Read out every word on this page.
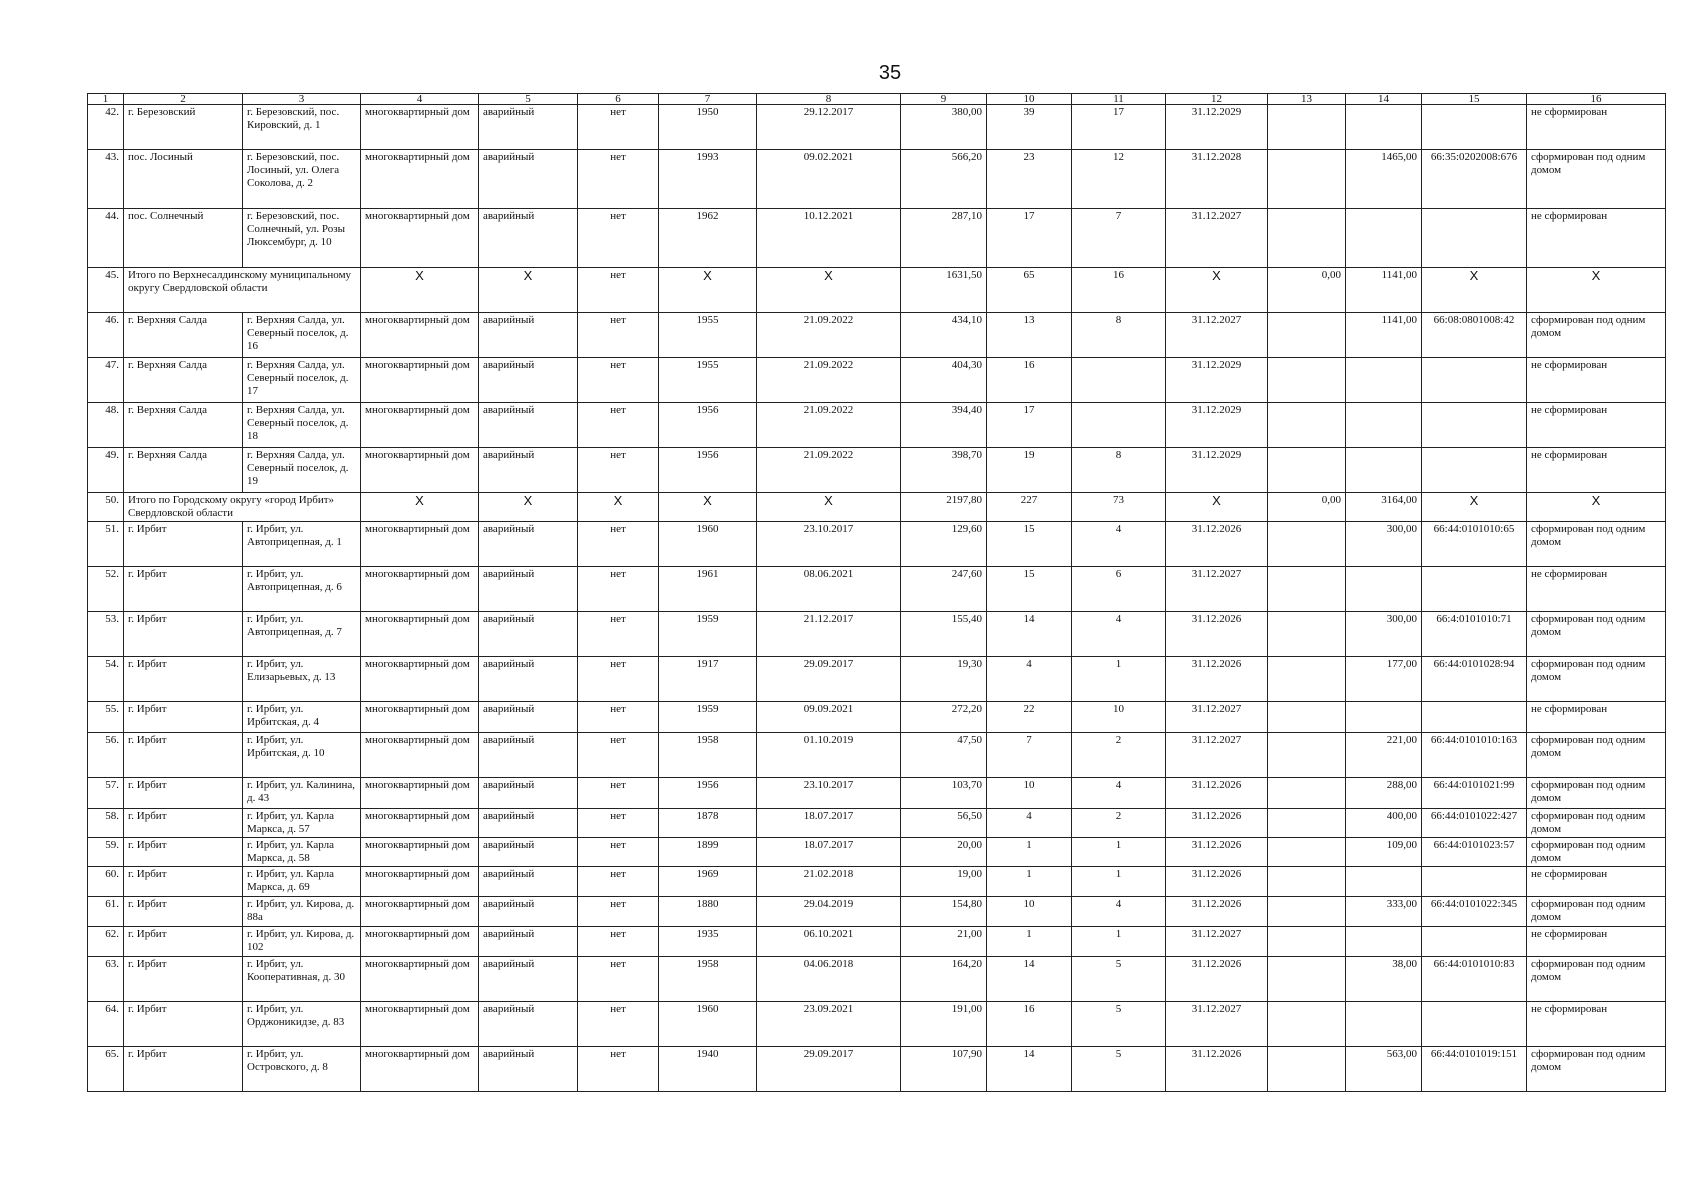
35
1	2	3	4	5	6	7	8	9	10	11	12	13	14	15	16
42.	г. Березовский	г. Березовский, пос. Кировский, д. 1	многоквартирный дом	аварийный	нет	1950	29.12.2017	380,00	39	17	31.12.2029				не сформирован
43.	пос. Лосиный	г. Березовский, пос. Лосиный, ул. Олега Соколова, д. 2	многоквартирный дом	аварийный	нет	1993	09.02.2021	566,20	23	12	31.12.2028		1465,00	66:35:0202008:676	сформирован под одним домом
44.	пос. Солнечный	г. Березовский, пос. Солнечный, ул. Розы Люксембург, д. 10	многоквартирный дом	аварийный	нет	1962	10.12.2021	287,10	17	7	31.12.2027				не сформирован
45.	Итого по Верхнесалдинскому муниципальному округу Свердловской области		X	X	нет	X	X	1631,50	65	16	X	0,00	1141,00	X	X
46.	г. Верхняя Салда	г. Верхняя Салда, ул. Северный поселок, д. 16	многоквартирный дом	аварийный	нет	1955	21.09.2022	434,10	13	8	31.12.2027		1141,00	66:08:0801008:42	сформирован под одним домом
47.	г. Верхняя Салда	г. Верхняя Салда, ул. Северный поселок, д. 17	многоквартирный дом	аварийный	нет	1955	21.09.2022	404,30	16		31.12.2029				не сформирован
48.	г. Верхняя Салда	г. Верхняя Салда, ул. Северный поселок, д. 18	многоквартирный дом	аварийный	нет	1956	21.09.2022	394,40	17		31.12.2029				не сформирован
49.	г. Верхняя Салда	г. Верхняя Салда, ул. Северный поселок, д. 19	многоквартирный дом	аварийный	нет	1956	21.09.2022	398,70	19	8	31.12.2029				не сформирован
50.	Итого по Городскому округу «город Ирбит» Свердловской области		X	X	X	X	X	2197,80	227	73	X	0,00	3164,00	X	X
51.	г. Ирбит	г. Ирбит, ул. Автоприцепная, д. 1	многоквартирный дом	аварийный	нет	1960	23.10.2017	129,60	15	4	31.12.2026		300,00	66:44:0101010:65	сформирован под одним домом
52.	г. Ирбит	г. Ирбит, ул. Автоприцепная, д. 6	многоквартирный дом	аварийный	нет	1961	08.06.2021	247,60	15	6	31.12.2027				не сформирован
53.	г. Ирбит	г. Ирбит, ул. Автоприцепная, д. 7	многоквартирный дом	аварийный	нет	1959	21.12.2017	155,40	14	4	31.12.2026		300,00	66:4:0101010:71	сформирован под одним домом
54.	г. Ирбит	г. Ирбит, ул. Елизарьевых, д. 13	многоквартирный дом	аварийный	нет	1917	29.09.2017	19,30	4	1	31.12.2026		177,00	66:44:0101028:94	сформирован под одним домом
55.	г. Ирбит	г. Ирбит, ул. Ирбитская, д. 4	многоквартирный дом	аварийный	нет	1959	09.09.2021	272,20	22	10	31.12.2027				не сформирован
56.	г. Ирбит	г. Ирбит, ул. Ирбитская, д. 10	многоквартирный дом	аварийный	нет	1958	01.10.2019	47,50	7	2	31.12.2027		221,00	66:44:0101010:163	сформирован под одним домом
57.	г. Ирбит	г. Ирбит, ул. Калинина, д. 43	многоквартирный дом	аварийный	нет	1956	23.10.2017	103,70	10	4	31.12.2026		288,00	66:44:0101021:99	сформирован под одним домом
58.	г. Ирбит	г. Ирбит, ул. Карла Маркса, д. 57	многоквартирный дом	аварийный	нет	1878	18.07.2017	56,50	4	2	31.12.2026		400,00	66:44:0101022:427	сформирован под одним домом
59.	г. Ирбит	г. Ирбит, ул. Карла Маркса, д. 58	многоквартирный дом	аварийный	нет	1899	18.07.2017	20,00	1	1	31.12.2026		109,00	66:44:0101023:57	сформирован под одним домом
60.	г. Ирбит	г. Ирбит, ул. Карла Маркса, д. 69	многоквартирный дом	аварийный	нет	1969	21.02.2018	19,00	1	1	31.12.2026				не сформирован
61.	г. Ирбит	г. Ирбит, ул. Кирова, д. 88а	многоквартирный дом	аварийный	нет	1880	29.04.2019	154,80	10	4	31.12.2026		333,00	66:44:0101022:345	сформирован под одним домом
62.	г. Ирбит	г. Ирбит, ул. Кирова, д. 102	многоквартирный дом	аварийный	нет	1935	06.10.2021	21,00	1	1	31.12.2027				не сформирован
63.	г. Ирбит	г. Ирбит, ул. Кооперативная, д. 30	многоквартирный дом	аварийный	нет	1958	04.06.2018	164,20	14	5	31.12.2026		38,00	66:44:0101010:83	сформирован под одним домом
64.	г. Ирбит	г. Ирбит, ул. Орджоникидзе, д. 83	многоквартирный дом	аварийный	нет	1960	23.09.2021	191,00	16	5	31.12.2027				не сформирован
65.	г. Ирбит	г. Ирбит, ул. Островского, д. 8	многоквартирный дом	аварийный	нет	1940	29.09.2017	107,90	14	5	31.12.2026		563,00	66:44:0101019:151	сформирован под одним домом
